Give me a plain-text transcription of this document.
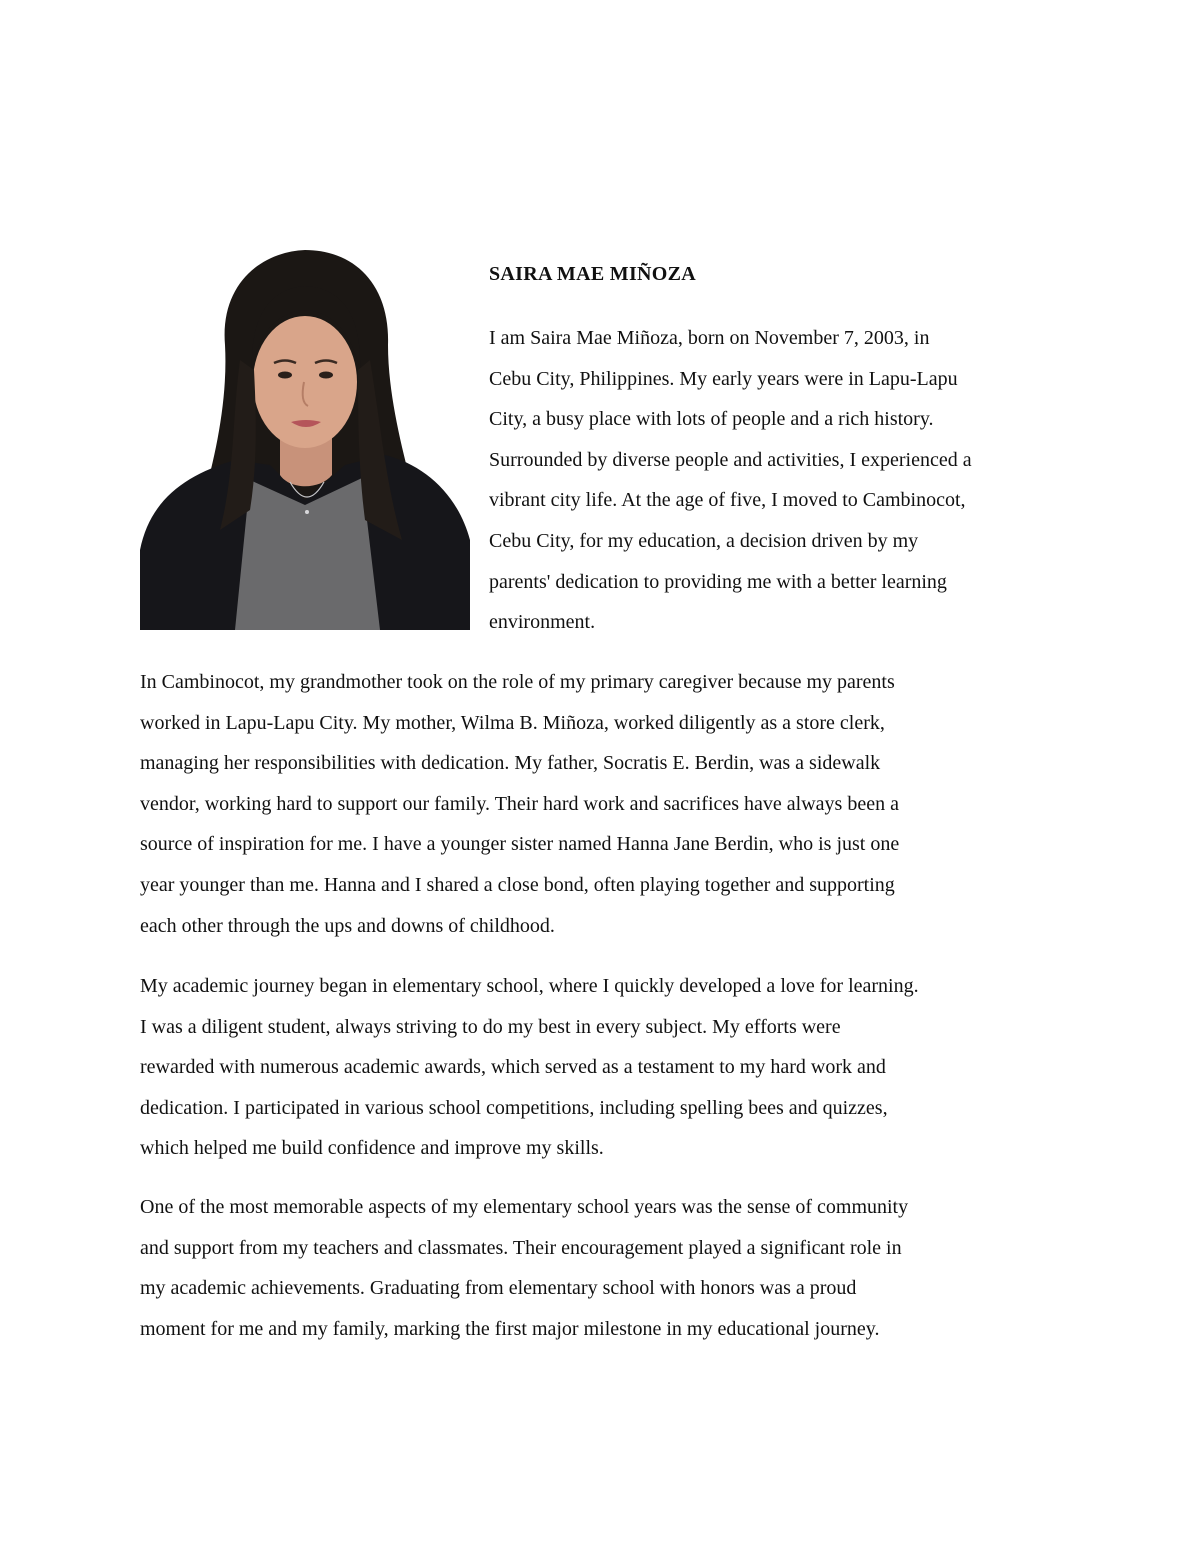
SAIRA MAE MIÑOZA

I am Saira Mae Miñoza, born on November 7, 2003, in
Cebu City, Philippines. My early years were in Lapu-Lapu
City, a busy place with lots of people and a rich history.
Surrounded by diverse people and activities, I experienced a
vibrant city life. At the age of five, I moved to Cambinocot,
Cebu City, for my education, a decision driven by my
parents' dedication to providing me with a better learning
environment.

In Cambinocot, my grandmother took on the role of my primary caregiver because my parents
worked in Lapu-Lapu City. My mother, Wilma B. Miñoza, worked diligently as a store clerk,
managing her responsibilities with dedication. My father, Socratis E. Berdin, was a sidewalk
vendor, working hard to support our family. Their hard work and sacrifices have always been a
source of inspiration for me. I have a younger sister named Hanna Jane Berdin, who is just one
year younger than me. Hanna and I shared a close bond, often playing together and supporting
each other through the ups and downs of childhood.

My academic journey began in elementary school, where I quickly developed a love for learning.
I was a diligent student, always striving to do my best in every subject. My efforts were
rewarded with numerous academic awards, which served as a testament to my hard work and
dedication. I participated in various school competitions, including spelling bees and quizzes,
which helped me build confidence and improve my skills.

One of the most memorable aspects of my elementary school years was the sense of community
and support from my teachers and classmates. Their encouragement played a significant role in
my academic achievements. Graduating from elementary school with honors was a proud
moment for me and my family, marking the first major milestone in my educational journey.
